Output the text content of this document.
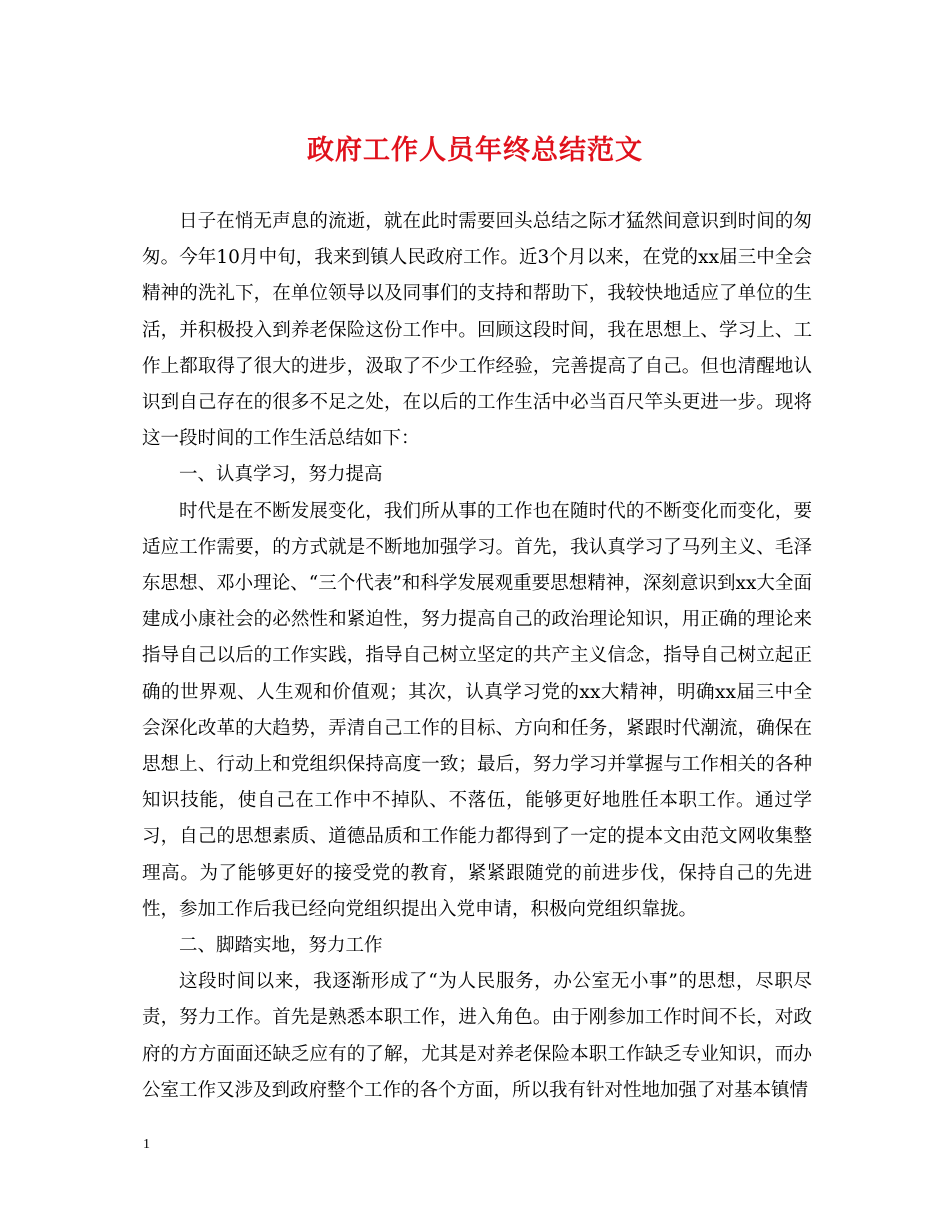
政府工作人员年终总结范文

日子在悄无声息的流逝，就在此时需要回头总结之际才猛然间意识到时间的匆匆。今年10月中旬，我来到镇人民政府工作。近3个月以来，在党的xx届三中全会精神的洗礼下，在单位领导以及同事们的支持和帮助下，我较快地适应了单位的生活，并积极投入到养老保险这份工作中。回顾这段时间，我在思想上、学习上、工作上都取得了很大的进步，汲取了不少工作经验，完善提高了自己。但也清醒地认识到自己存在的很多不足之处，在以后的工作生活中必当百尺竿头更进一步。现将这一段时间的工作生活总结如下：

一、认真学习，努力提高

时代是在不断发展变化，我们所从事的工作也在随时代的不断变化而变化，要适应工作需要，的方式就是不断地加强学习。首先，我认真学习了马列主义、毛泽东思想、邓小理论、“三个代表”和科学发展观重要思想精神，深刻意识到xx大全面建成小康社会的必然性和紧迫性，努力提高自己的政治理论知识，用正确的理论来指导自己以后的工作实践，指导自己树立坚定的共产主义信念，指导自己树立起正确的世界观、人生观和价值观；其次，认真学习党的xx大精神，明确xx届三中全会深化改革的大趋势，弄清自己工作的目标、方向和任务，紧跟时代潮流，确保在思想上、行动上和党组织保持高度一致；最后，努力学习并掌握与工作相关的各种知识技能，使自己在工作中不掉队、不落伍，能够更好地胜任本职工作。通过学习，自己的思想素质、道德品质和工作能力都得到了一定的提本文由范文网收集整理高。为了能够更好的接受党的教育，紧紧跟随党的前进步伐，保持自己的先进性，参加工作后我已经向党组织提出入党申请，积极向党组织靠拢。

二、脚踏实地，努力工作

这段时间以来，我逐渐形成了“为人民服务，办公室无小事”的思想，尽职尽责，努力工作。首先是熟悉本职工作，进入角色。由于刚参加工作时间不长，对政府的方方面面还缺乏应有的了解，尤其是对养老保险本职工作缺乏专业知识，而办公室工作又涉及到政府整个工作的各个方面，所以我有针对性地加强了对基本镇情

1
